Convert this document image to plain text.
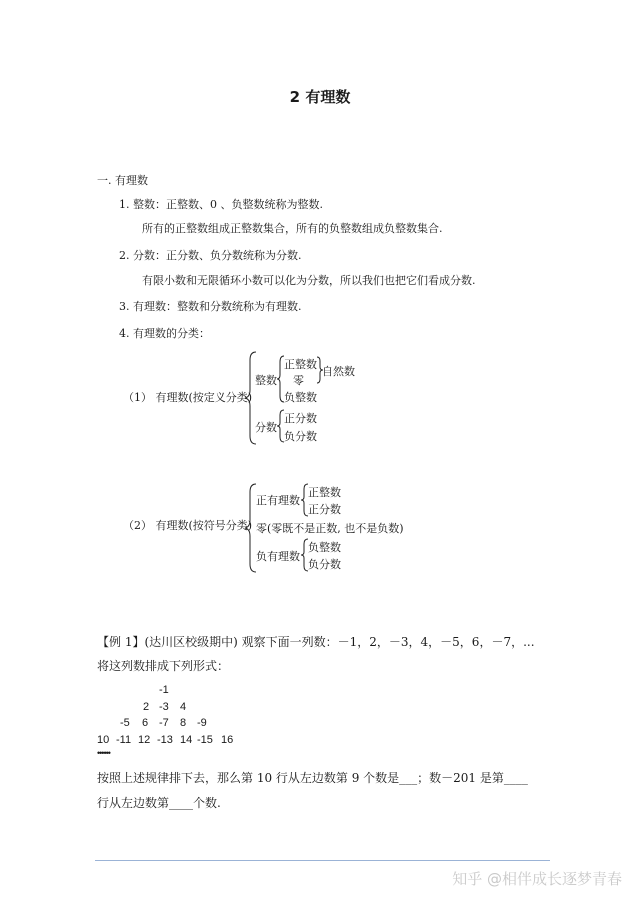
2 有理数
一. 有理数
1. 整数：正整数、0 、负整数统称为整数.
所有的正整数组成正整数集合，所有的负整数组成负整数集合.
2. 分数：正分数、负分数统称为分数.
有限小数和无限循环小数可以化为分数，所以我们也把它们看成分数.
3. 有理数：整数和分数统称为有理数.
4. 有理数的分类：
（1） 有理数(按定义分类)
整数
正整数
零
负整数
自然数
分数
正分数
负分数
（2） 有理数(按符号分类)
正有理数
正整数
正分数
零(零既不是正数, 也不是负数)
负有理数
负整数
负分数
【例 1】(达川区校级期中) 观察下面一列数：－1，2，－3，4，－5，6，－7，...
将这列数排成下列形式：
-1
2 -3 4
-5 6 -7 8 -9
10 -11 12 -13 14 -15 16
••••••
按照上述规律排下去，那么第 10 行从左边数第 9 个数是___；数－201 是第____
行从左边数第____个数.
知乎 @相伴成长逐梦青春
